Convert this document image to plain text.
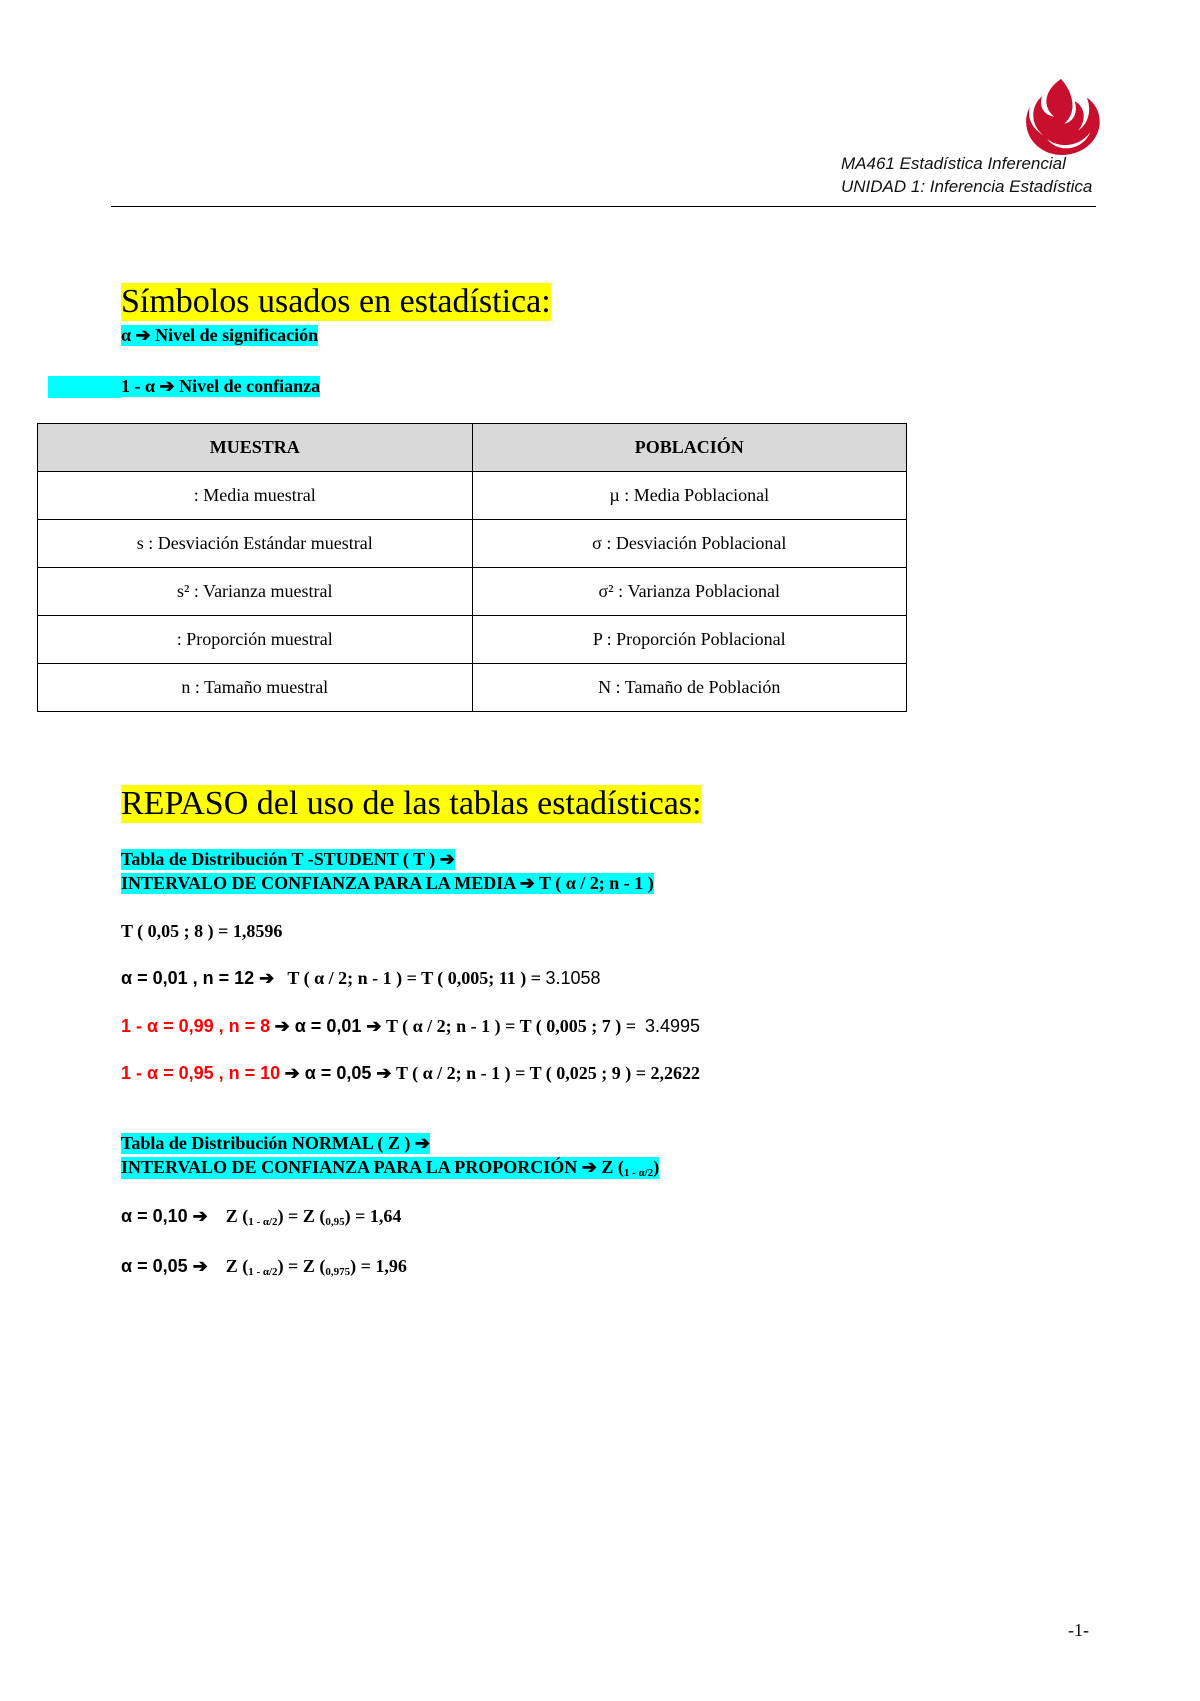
MA461 Estadística Inferencial
UNIDAD 1: Inferencia Estadística
Símbolos usados en estadística:
α ➔ Nivel de significación
1 - α ➔ Nivel de confianza
MUESTRA	POBLACIÓN
: Media muestral	µ : Media Poblacional
s : Desviación Estándar muestral	σ : Desviación Poblacional
s² : Varianza muestral	σ² : Varianza Poblacional
: Proporción muestral	P : Proporción Poblacional
n : Tamaño muestral	N : Tamaño de Población
REPASO del uso de las tablas estadísticas:
Tabla de Distribución T -STUDENT ( T ) ➔
INTERVALO DE CONFIANZA PARA LA MEDIA ➔ T ( α / 2; n - 1 )
T ( 0,05 ; 8 ) = 1,8596
α = 0,01 , n = 12 ➔ T ( α / 2; n - 1 ) = T ( 0,005; 11 ) = 3.1058
1 - α = 0,99 , n = 8 ➔ α = 0,01 ➔ T ( α / 2; n - 1 ) = T ( 0,005 ; 7 ) = 3.4995
1 - α = 0,95 , n = 10 ➔ α = 0,05 ➔ T ( α / 2; n - 1 ) = T ( 0,025 ; 9 ) = 2,2622
Tabla de Distribución NORMAL ( Z ) ➔
INTERVALO DE CONFIANZA PARA LA PROPORCIÓN ➔ Z $(_{1 - \alpha/2})$
α = 0,10 ➔ Z $(_{1 - \alpha/2}) = Z$ $(_{0,95}) = 1,64$
α = 0,05 ➔ Z $(_{1 - \alpha/2}) = Z$ $(_{0,975}) = 1,96$
-1-
